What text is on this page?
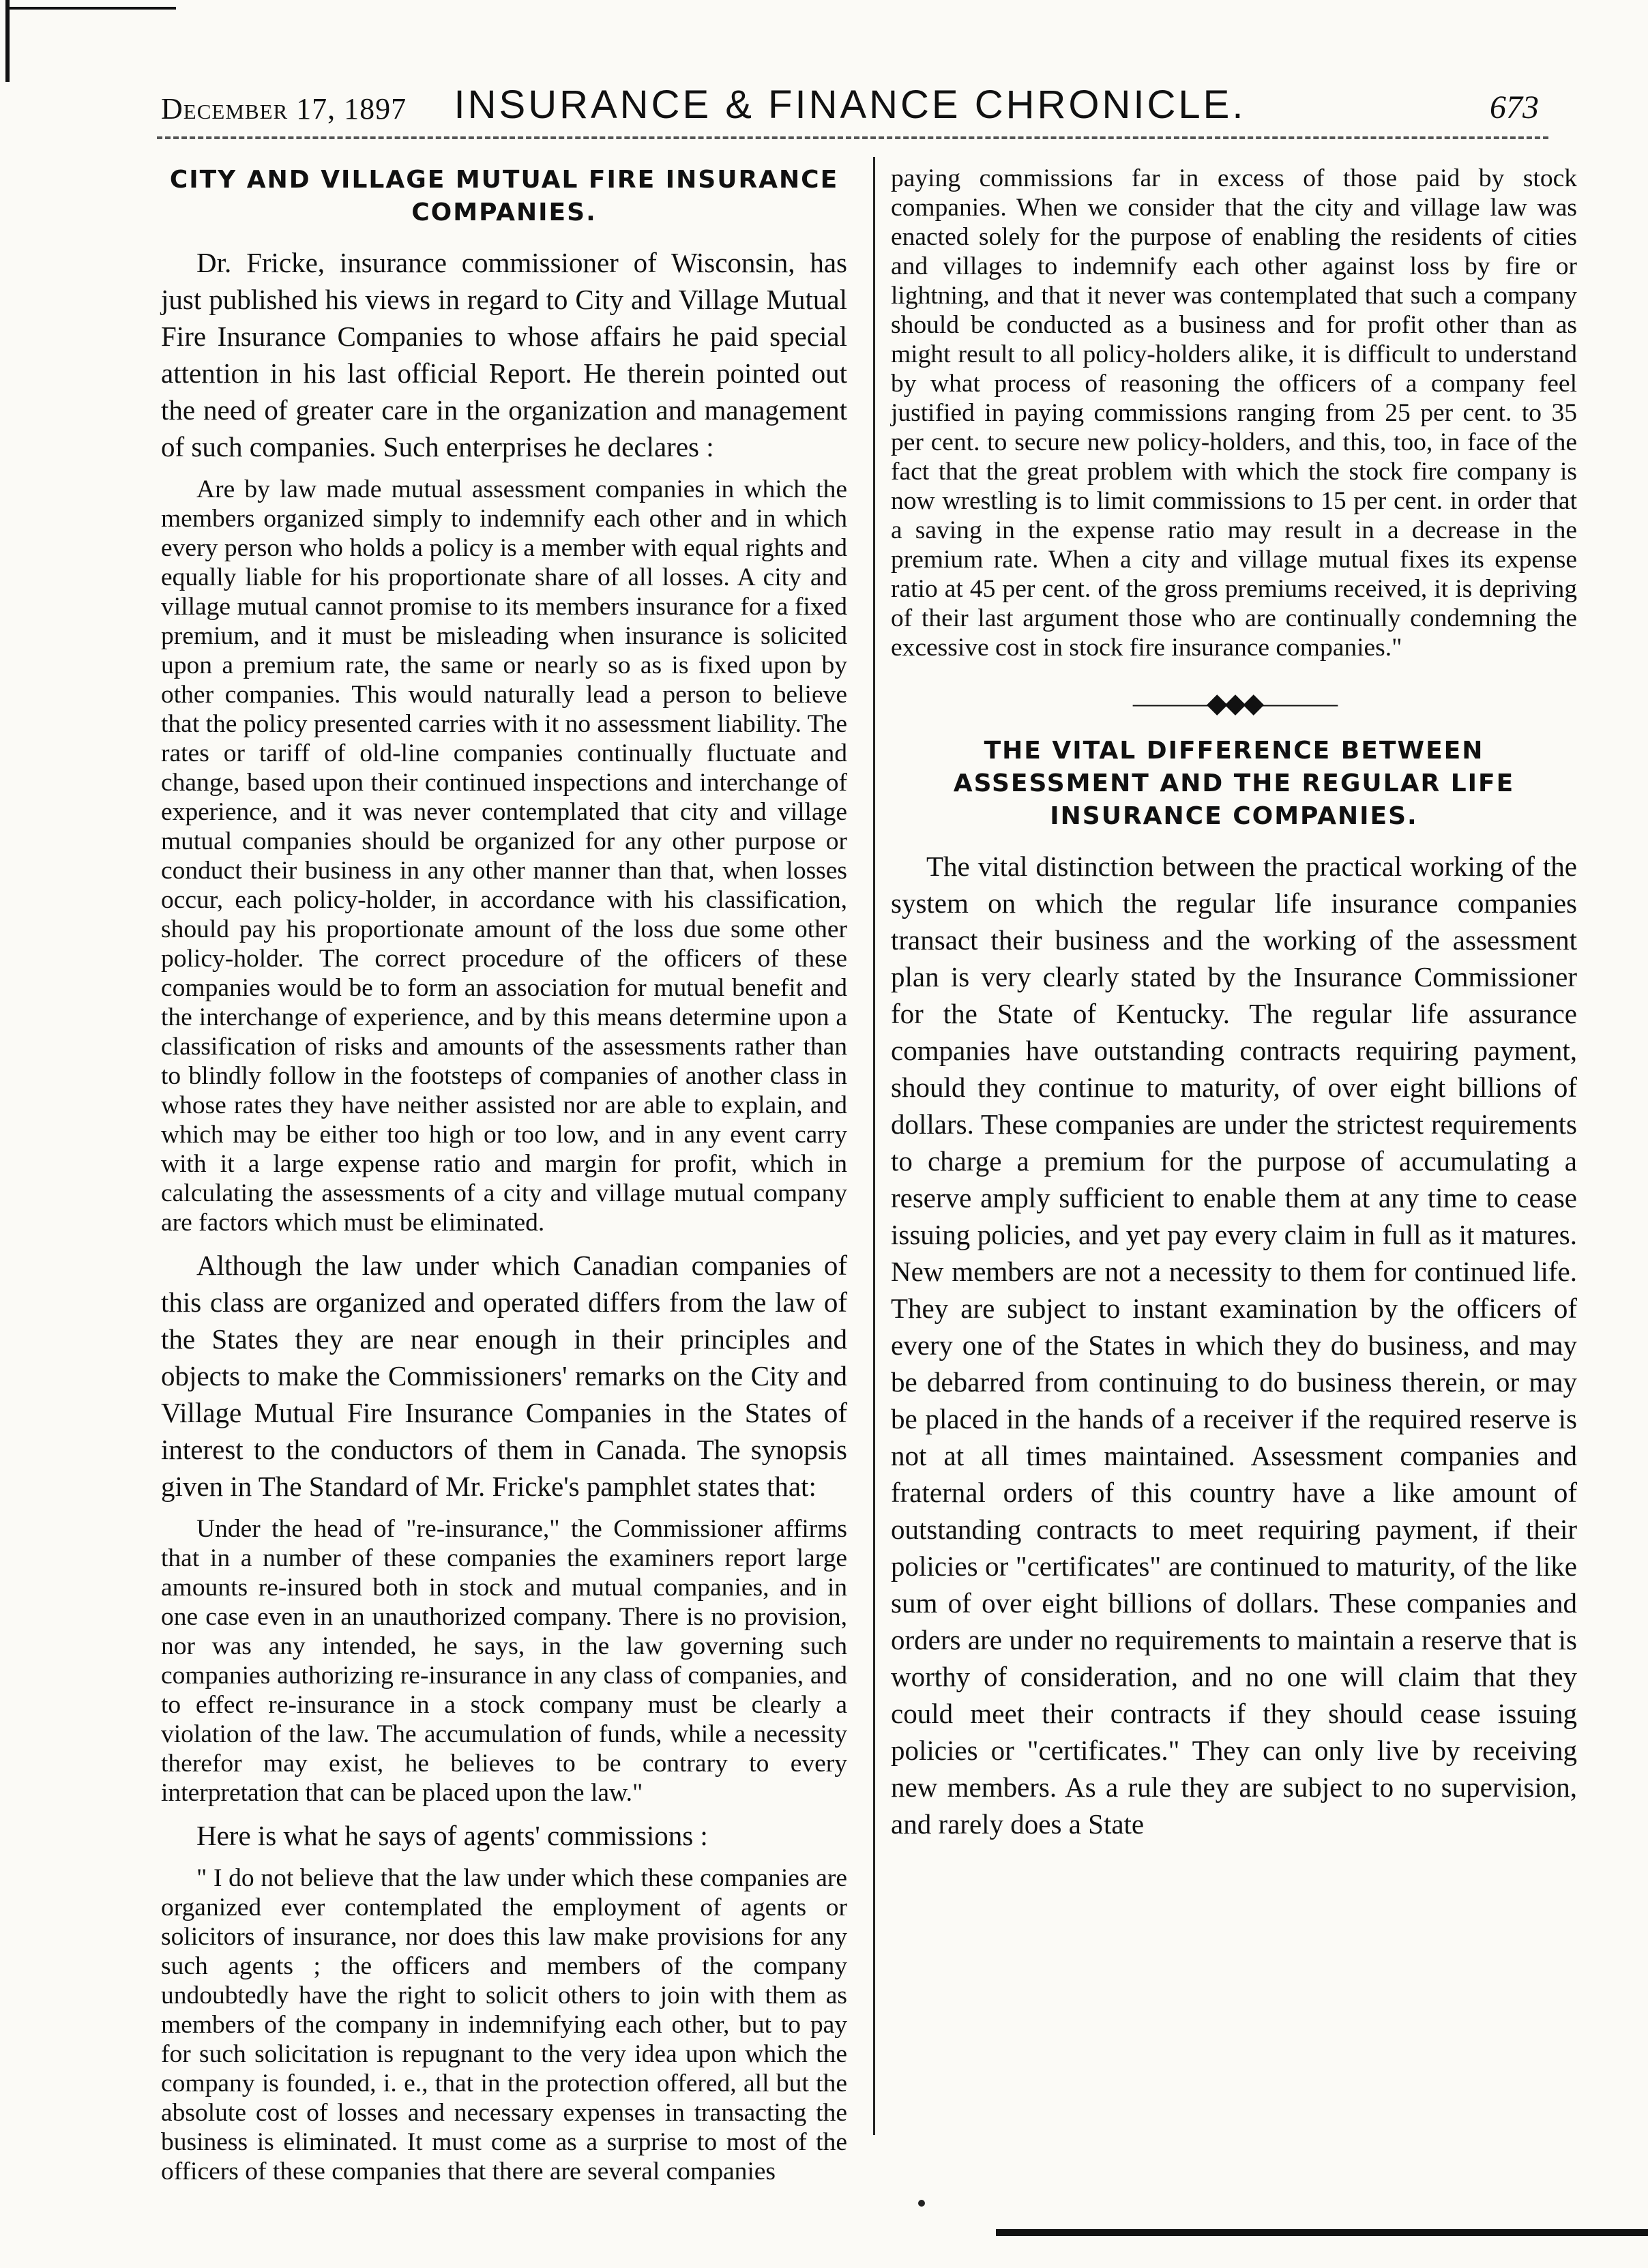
December 17, 1897	INSURANCE & FINANCE CHRONICLE.	673
CITY AND VILLAGE MUTUAL FIRE INSURANCE COMPANIES.

Dr. Fricke, insurance commissioner of Wisconsin, has just published his views in regard to City and Village Mutual Fire Insurance Companies to whose affairs he paid special attention in his last official Report. He therein pointed out the need of greater care in the organization and management of such companies. Such enterprises he declares :

Are by law made mutual assessment companies in which the members organized simply to indemnify each other and in which every person who holds a policy is a member with equal rights and equally liable for his proportionate share of all losses. A city and village mutual cannot promise to its members insurance for a fixed premium, and it must be misleading when insurance is solicited upon a premium rate, the same or nearly so as is fixed upon by other companies. This would naturally lead a person to believe that the policy presented carries with it no assessment liability. The rates or tariff of old-line companies continually fluctuate and change, based upon their continued inspections and interchange of experience, and it was never contemplated that city and village mutual companies should be organized for any other purpose or conduct their business in any other manner than that, when losses occur, each policy-holder, in accordance with his classification, should pay his proportionate amount of the loss due some other policy-holder. The correct procedure of the officers of these companies would be to form an association for mutual benefit and the interchange of experience, and by this means determine upon a classification of risks and amounts of the assessments rather than to blindly follow in the footsteps of companies of another class in whose rates they have neither assisted nor are able to explain, and which may be either too high or too low, and in any event carry with it a large expense ratio and margin for profit, which in calculating the assessments of a city and village mutual company are factors which must be eliminated.

Although the law under which Canadian companies of this class are organized and operated differs from the law of the States they are near enough in their principles and objects to make the Commissioners' remarks on the City and Village Mutual Fire Insurance Companies in the States of interest to the conductors of them in Canada. The synopsis given in The Standard of Mr. Fricke's pamphlet states that:

Under the head of "re-insurance," the Commissioner affirms that in a number of these companies the examiners report large amounts re-insured both in stock and mutual companies, and in one case even in an unauthorized company. There is no provision, nor was any intended, he says, in the law governing such companies authorizing re-insurance in any class of companies, and to effect re-insurance in a stock company must be clearly a violation of the law. The accumulation of funds, while a necessity therefor may exist, he believes to be contrary to every interpretation that can be placed upon the law."

Here is what he says of agents' commissions :

" I do not believe that the law under which these companies are organized ever contemplated the employment of agents or solicitors of insurance, nor does this law make provisions for any such agents ; the officers and members of the company undoubtedly have the right to solicit others to join with them as members of the company in indemnifying each other, but to pay for such solicitation is repugnant to the very idea upon which the company is founded, i. e., that in the protection offered, all but the absolute cost of losses and necessary expenses in transacting the business is eliminated. It must come as a surprise to most of the officers of these companies that there are several companies

paying commissions far in excess of those paid by stock companies. When we consider that the city and village law was enacted solely for the purpose of enabling the residents of cities and villages to indemnify each other against loss by fire or lightning, and that it never was contemplated that such a company should be conducted as a business and for profit other than as might result to all policy-holders alike, it is difficult to understand by what process of reasoning the officers of a company feel justified in paying commissions ranging from 25 per cent. to 35 per cent. to secure new policy-holders, and this, too, in face of the fact that the great problem with which the stock fire company is now wrestling is to limit commissions to 15 per cent. in order that a saving in the expense ratio may result in a decrease in the premium rate. When a city and village mutual fixes its expense ratio at 45 per cent. of the gross premiums received, it is depriving of their last argument those who are continually condemning the excessive cost in stock fire insurance companies."

———◆◆◆———
THE VITAL DIFFERENCE BETWEEN ASSESSMENT AND THE REGULAR LIFE INSURANCE COMPANIES.

The vital distinction between the practical working of the system on which the regular life insurance companies transact their business and the working of the assessment plan is very clearly stated by the Insurance Commissioner for the State of Kentucky. The regular life assurance companies have outstanding contracts requiring payment, should they continue to maturity, of over eight billions of dollars. These companies are under the strictest requirements to charge a premium for the purpose of accumulating a reserve amply sufficient to enable them at any time to cease issuing policies, and yet pay every claim in full as it matures. New members are not a necessity to them for continued life. They are subject to instant examination by the officers of every one of the States in which they do business, and may be debarred from continuing to do business therein, or may be placed in the hands of a receiver if the required reserve is not at all times maintained. Assessment companies and fraternal orders of this country have a like amount of outstanding contracts to meet requiring payment, if their policies or "certificates" are continued to maturity, of the like sum of over eight billions of dollars. These companies and orders are under no requirements to maintain a reserve that is worthy of consideration, and no one will claim that they could meet their contracts if they should cease issuing policies or "certificates." They can only live by receiving new members. As a rule they are subject to no supervision, and rarely does a State
